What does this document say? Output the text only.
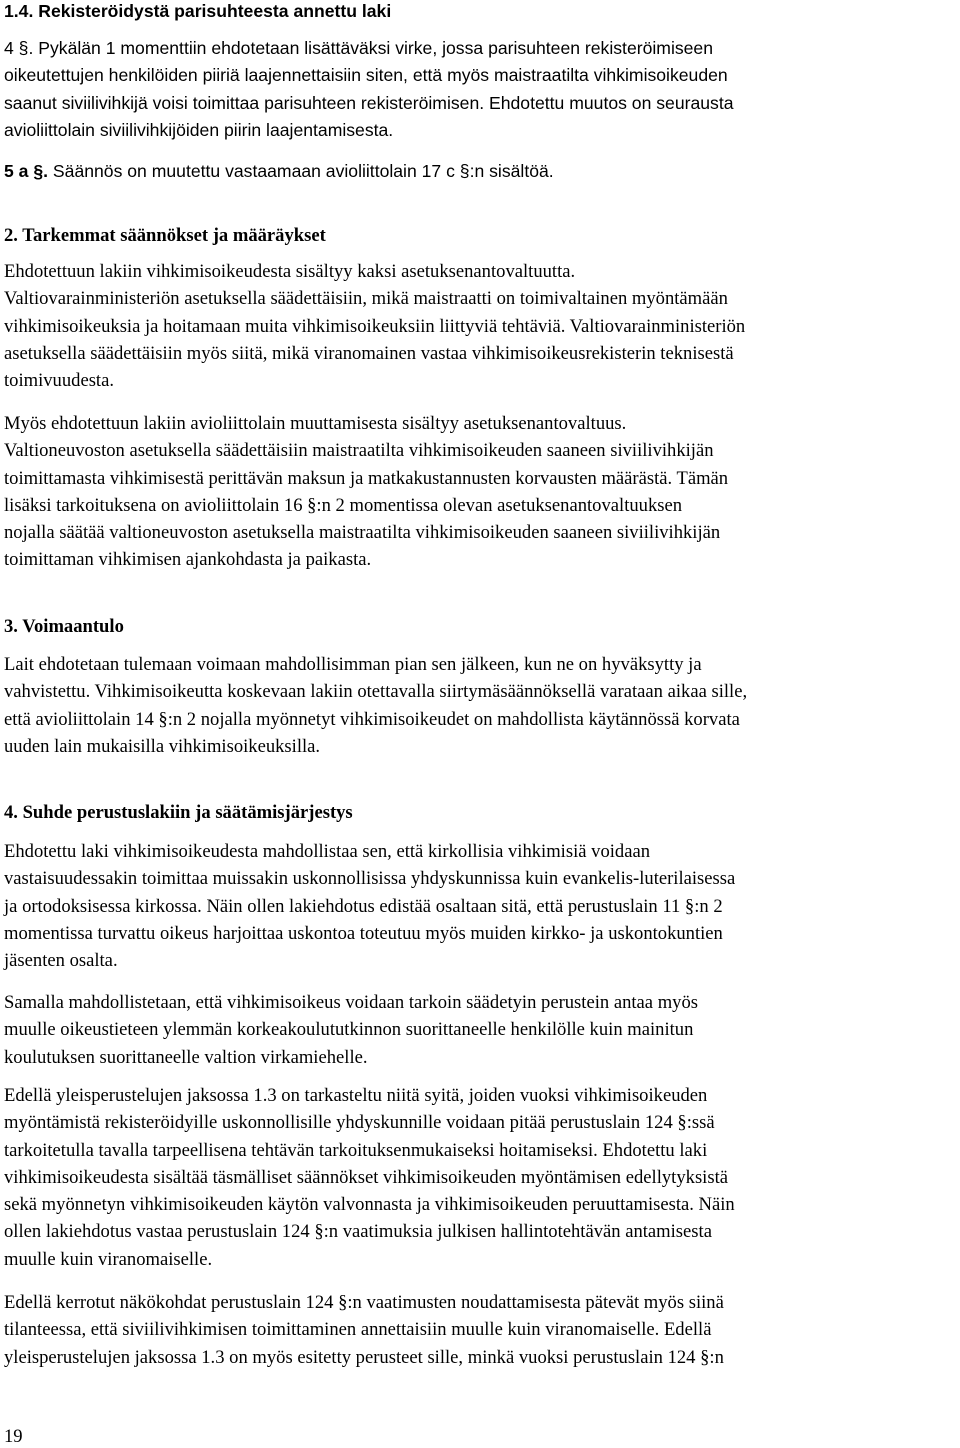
1.4. Rekisteröidystä parisuhteesta annettu laki
4 §. Pykälän 1 momenttiin ehdotetaan lisättäväksi virke, jossa parisuhteen rekisteröimiseen
oikeutettujen henkilöiden piiriä laajennettaisiin siten, että myös maistraatilta vihkimisoikeuden
saanut siviilivihkijä voisi toimittaa parisuhteen rekisteröimisen. Ehdotettu muutos on seurausta
avioliittolain siviilivihkijöiden piirin laajentamisesta.
5 a §. Säännös on muutettu vastaamaan avioliittolain 17 c §:n sisältöä.
2. Tarkemmat säännökset ja määräykset
Ehdotettuun lakiin vihkimisoikeudesta sisältyy kaksi asetuksenantovaltuutta.
Valtiovarainministeriön asetuksella säädettäisiin, mikä maistraatti on toimivaltainen myöntämään
vihkimisoikeuksia ja hoitamaan muita vihkimisoikeuksiin liittyviä tehtäviä. Valtiovarainministeriön
asetuksella säädettäisiin myös siitä, mikä viranomainen vastaa vihkimisoikeusrekisterin teknisestä
toimivuudesta.
Myös ehdotettuun lakiin avioliittolain muuttamisesta sisältyy asetuksenantovaltuus.
Valtioneuvoston asetuksella säädettäisiin maistraatilta vihkimisoikeuden saaneen siviilivihkijän
toimittamasta vihkimisestä perittävän maksun ja matkakustannusten korvausten määrästä. Tämän
lisäksi tarkoituksena on avioliittolain 16 §:n 2 momentissa olevan asetuksenantovaltuuksen
nojalla säätää valtioneuvoston asetuksella maistraatilta vihkimisoikeuden saaneen siviilivihkijän
toimittaman vihkimisen ajankohdasta ja paikasta.
3. Voimaantulo
Lait ehdotetaan tulemaan voimaan mahdollisimman pian sen jälkeen, kun ne on hyväksytty ja
vahvistettu. Vihkimisoikeutta koskevaan lakiin otettavalla siirtymäsäännöksellä varataan aikaa sille,
että avioliittolain 14 §:n 2 nojalla myönnetyt vihkimisoikeudet on mahdollista käytännössä korvata
uuden lain mukaisilla vihkimisoikeuksilla.
4. Suhde perustuslakiin ja säätämisjärjestys
Ehdotettu laki vihkimisoikeudesta mahdollistaa sen, että kirkollisia vihkimisiä voidaan
vastaisuudessakin toimittaa muissakin uskonnollisissa yhdyskunnissa kuin evankelis-luterilaisessa
ja ortodoksisessa kirkossa. Näin ollen lakiehdotus edistää osaltaan sitä, että perustuslain 11 §:n 2
momentissa turvattu oikeus harjoittaa uskontoa toteutuu myös muiden kirkko- ja uskontokuntien
jäsenten osalta.
Samalla mahdollistetaan, että vihkimisoikeus voidaan tarkoin säädetyin perustein antaa myös
muulle oikeustieteen ylemmän korkeakoulututkinnon suorittaneelle henkilölle kuin mainitun
koulutuksen suorittaneelle valtion virkamiehelle.
Edellä yleisperustelujen jaksossa 1.3 on tarkasteltu niitä syitä, joiden vuoksi vihkimisoikeuden
myöntämistä rekisteröidyille uskonnollisille yhdyskunnille voidaan pitää perustuslain 124 §:ssä
tarkoitetulla tavalla tarpeellisena tehtävän tarkoituksenmukaiseksi hoitamiseksi. Ehdotettu laki
vihkimisoikeudesta sisältää täsmälliset säännökset vihkimisoikeuden myöntämisen edellytyksistä
sekä myönnetyn vihkimisoikeuden käytön valvonnasta ja vihkimisoikeuden peruuttamisesta. Näin
ollen lakiehdotus vastaa perustuslain 124 §:n vaatimuksia julkisen hallintotehtävän antamisesta
muulle kuin viranomaiselle.
Edellä kerrotut näkökohdat perustuslain 124 §:n vaatimusten noudattamisesta pätevät myös siinä
tilanteessa, että siviilivihkimisen toimittaminen annettaisiin muulle kuin viranomaiselle. Edellä
yleisperustelujen jaksossa 1.3 on myös esitetty perusteet sille, minkä vuoksi perustuslain 124 §:n
19
